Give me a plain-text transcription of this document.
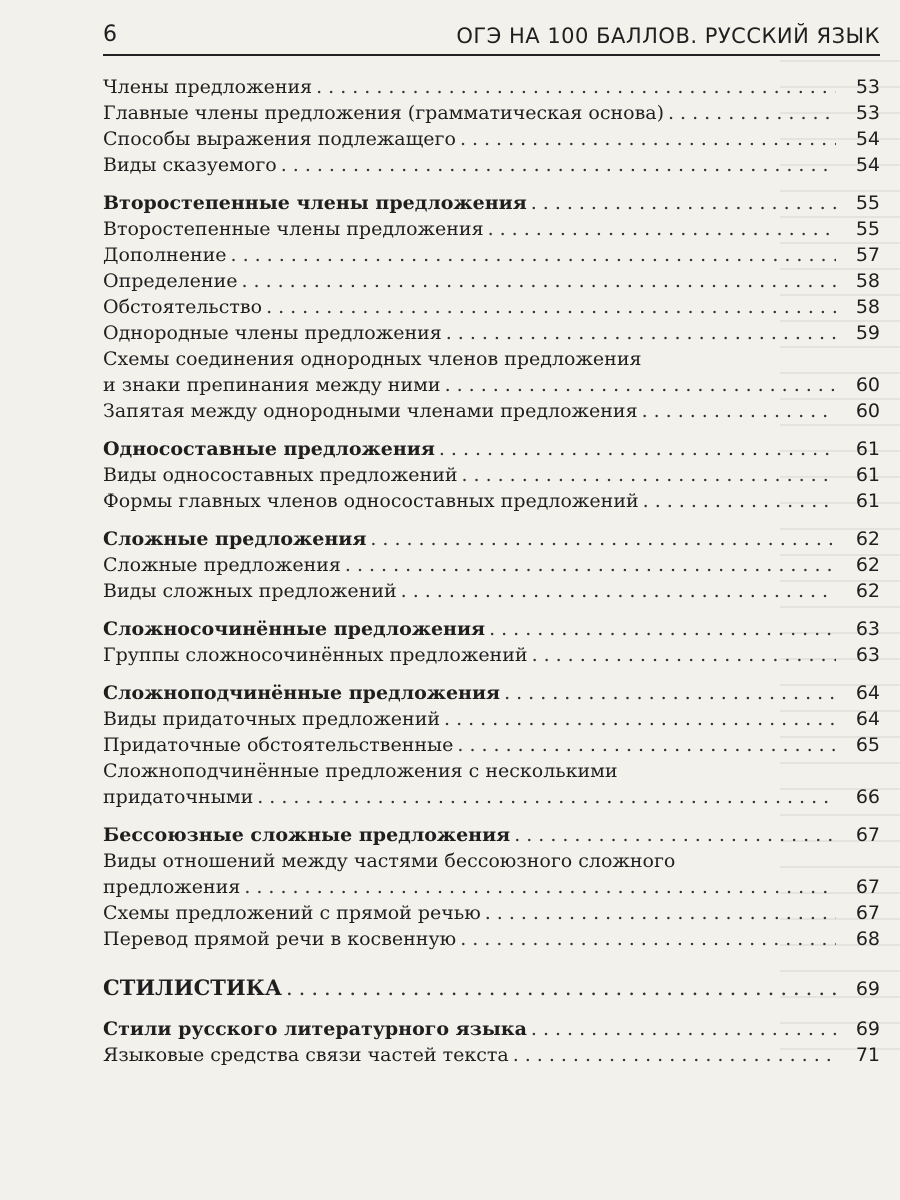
6	ОГЭ НА 100 БАЛЛОВ. РУССКИЙ ЯЗЫК
Члены предложения .....	53
Главные члены предложения (грамматическая основа) .....	53
Способы выражения подлежащего .....	54
Виды сказуемого .....	54
Второстепенные члены предложения .....	55
Второстепенные члены предложения .....	55
Дополнение .....	57
Определение .....	58
Обстоятельство .....	58
Однородные члены предложения .....	59
Схемы соединения однородных членов предложения
и знаки препинания между ними .....	60
Запятая между однородными членами предложения .....	60
Односоставные предложения .....	61
Виды односоставных предложений .....	61
Формы главных членов односоставных предложений .....	61
Сложные предложения .....	62
Сложные предложения .....	62
Виды сложных предложений .....	62
Сложносочинённые предложения .....	63
Группы сложносочинённых предложений .....	63
Сложноподчинённые предложения .....	64
Виды придаточных предложений .....	64
Придаточные обстоятельственные .....	65
Сложноподчинённые предложения с несколькими
придаточными .....	66
Бессоюзные сложные предложения .....	67
Виды отношений между частями бессоюзного сложного
предложения .....	67
Схемы предложений с прямой речью .....	67
Перевод прямой речи в косвенную .....	68
СТИЛИСТИКА .....	69
Стили русского литературного языка .....	69
Языковые средства связи частей текста .....	71
